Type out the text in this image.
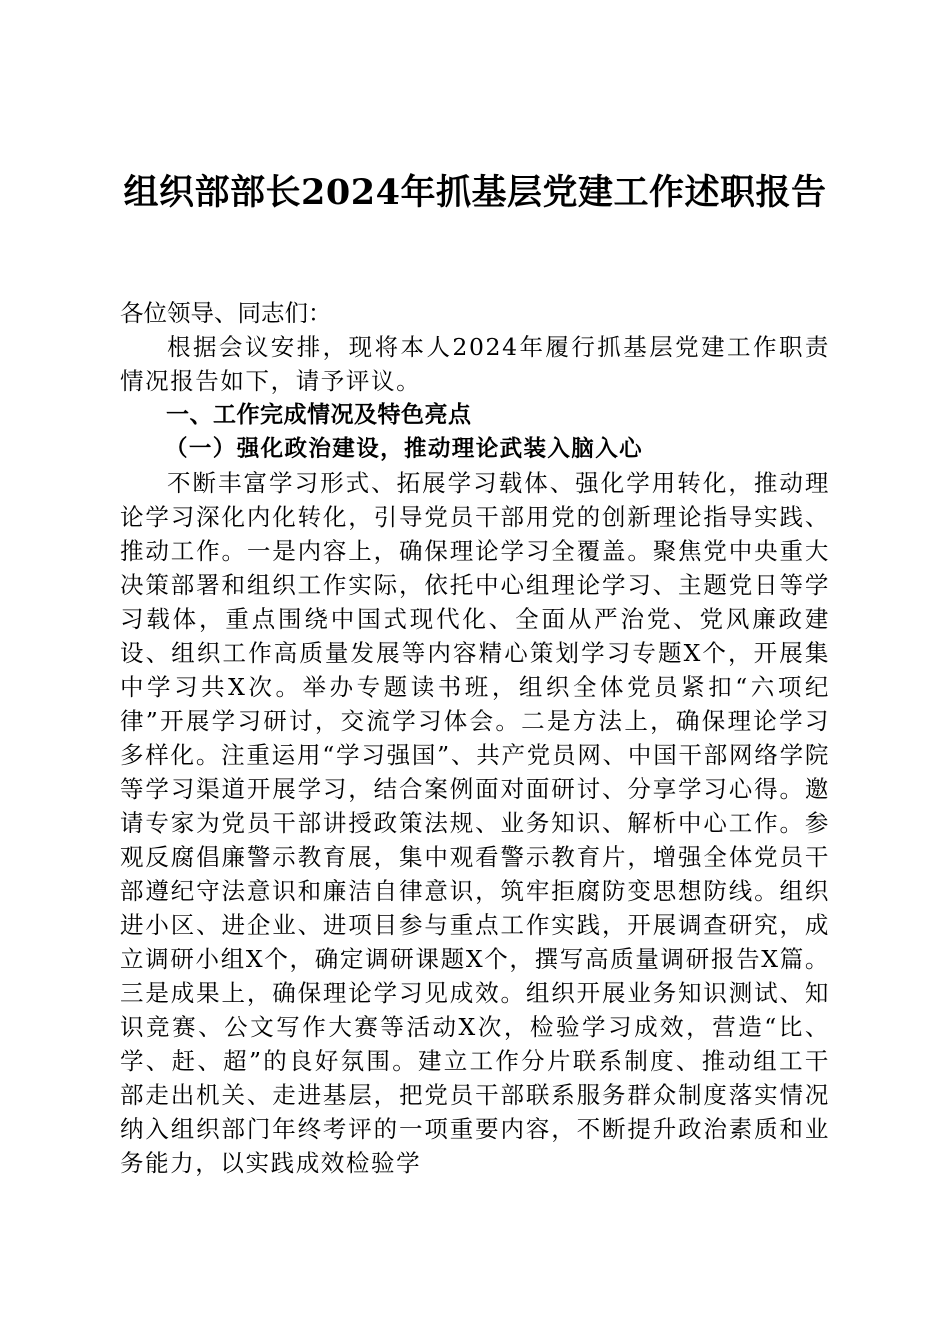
组织部部长2024年抓基层党建工作述职报告

各位领导、同志们：

根据会议安排，现将本人2024年履行抓基层党建工作职责情况报告如下，请予评议。

一、工作完成情况及特色亮点

（一）强化政治建设，推动理论武装入脑入心

不断丰富学习形式、拓展学习载体、强化学用转化，推动理论学习深化内化转化，引导党员干部用党的创新理论指导实践、推动工作。一是内容上，确保理论学习全覆盖。聚焦党中央重大决策部署和组织工作实际，依托中心组理论学习、主题党日等学习载体，重点围绕中国式现代化、全面从严治党、党风廉政建设、组织工作高质量发展等内容精心策划学习专题X个，开展集中学习共X次。举办专题读书班，组织全体党员紧扣“六项纪律”开展学习研讨，交流学习体会。二是方法上，确保理论学习多样化。注重运用“学习强国”、共产党员网、中国干部网络学院等学习渠道开展学习，结合案例面对面研讨、分享学习心得。邀请专家为党员干部讲授政策法规、业务知识、解析中心工作。参观反腐倡廉警示教育展，集中观看警示教育片，增强全体党员干部遵纪守法意识和廉洁自律意识，筑牢拒腐防变思想防线。组织进小区、进企业、进项目参与重点工作实践，开展调查研究，成立调研小组X个，确定调研课题X个，撰写高质量调研报告X篇。三是成果上，确保理论学习见成效。组织开展业务知识测试、知识竞赛、公文写作大赛等活动X次，检验学习成效，营造“比、学、赶、超”的良好氛围。建立工作分片联系制度、推动组工干部走出机关、走进基层，把党员干部联系服务群众制度落实情况纳入组织部门年终考评的一项重要内容，不断提升政治素质和业务能力，以实践成效检验学
